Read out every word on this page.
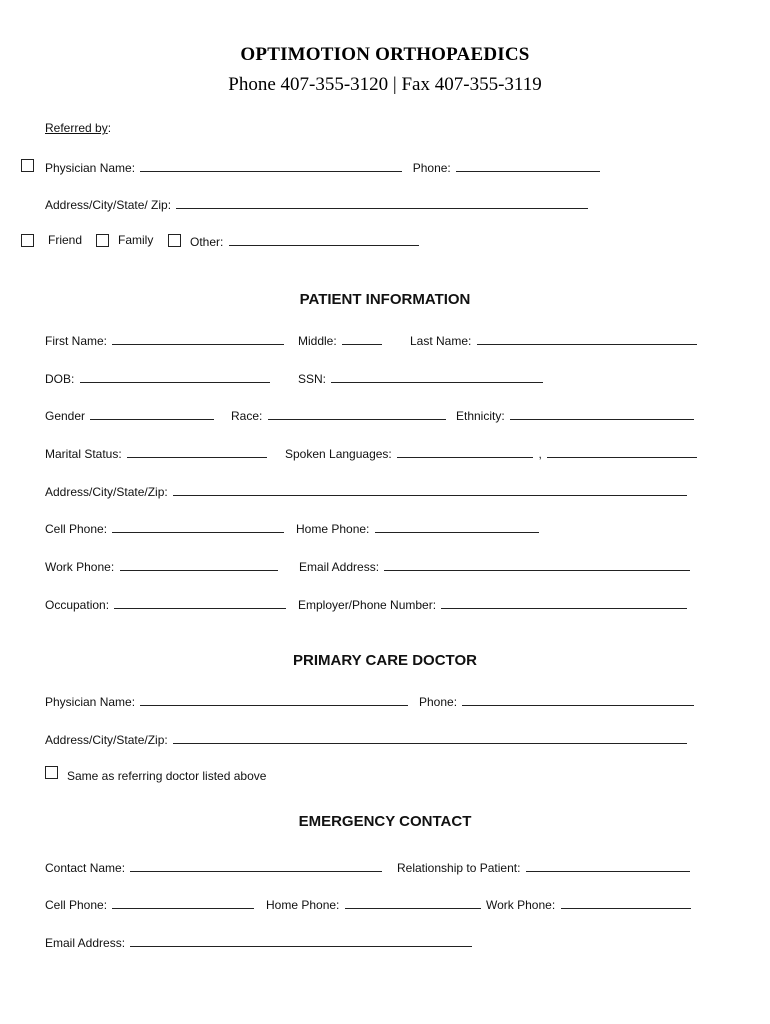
OPTIMOTION ORTHOPAEDICS
Phone 407-355-3120 | Fax 407-355-3119
Referred by:
Physician Name:	Phone:
Address/City/State/ Zip:
Friend	Family	Other:
PATIENT INFORMATION
First Name:	Middle:	Last Name:
DOB:	SSN:
Gender	Race:	Ethnicity:
Marital Status:	Spoken Languages:	,
Address/City/State/Zip:
Cell Phone:	Home Phone:
Work Phone:	Email Address:
Occupation:	Employer/Phone Number:
PRIMARY CARE DOCTOR
Physician Name:	Phone:
Address/City/State/Zip:
Same as referring doctor listed above
EMERGENCY CONTACT
Contact Name:	Relationship to Patient:
Cell Phone:	Home Phone:	Work Phone:
Email Address:
